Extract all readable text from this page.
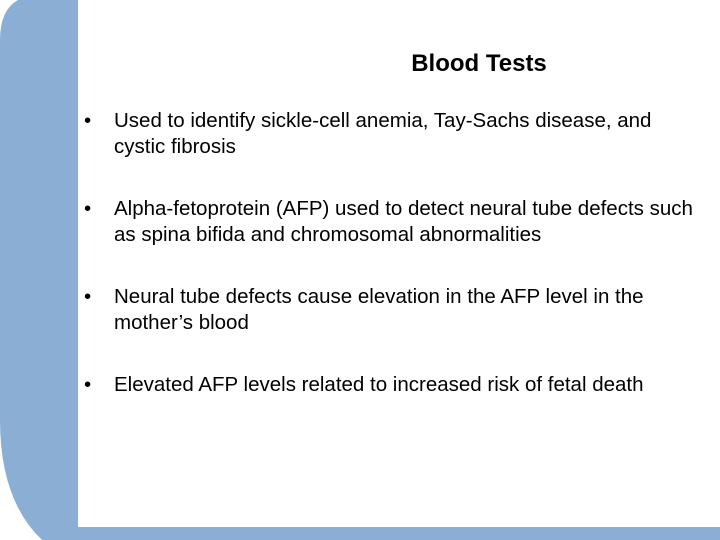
Blood Tests
•	Used to identify sickle-cell anemia, Tay-Sachs disease, and cystic fibrosis
•	Alpha-fetoprotein (AFP) used to detect neural tube defects such as spina bifida and chromosomal abnormalities
•	Neural tube defects cause elevation in the AFP level in the mother’s blood
•	Elevated AFP levels related to increased risk of fetal death
